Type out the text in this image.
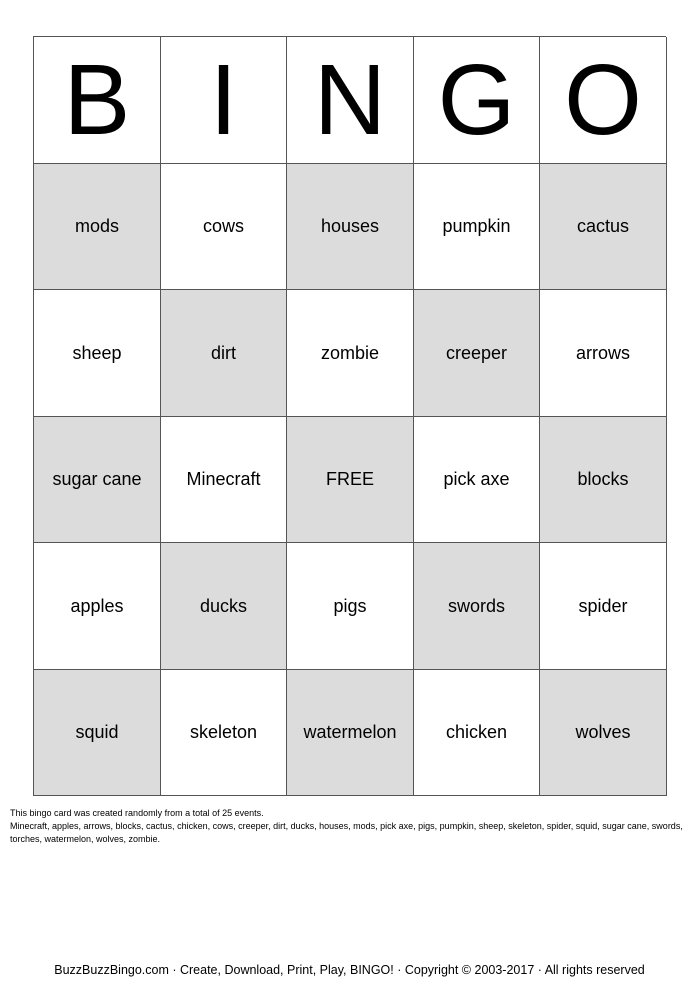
B I N G O
mods	cows	houses	pumpkin	cactus
sheep	dirt	zombie	creeper	arrows
sugar cane	Minecraft	FREE	pick axe	blocks
apples	ducks	pigs	swords	spider
squid	skeleton	watermelon	chicken	wolves

This bingo card was created randomly from a total of 25 events.

Minecraft, apples, arrows, blocks, cactus, chicken, cows, creeper, dirt, ducks, houses, mods, pick axe, pigs, pumpkin, sheep, skeleton, spider, squid, sugar cane, swords, torches, watermelon, wolves, zombie.

BuzzBuzzBingo.com · Create, Download, Print, Play, BINGO! · Copyright © 2003-2017 · All rights reserved
